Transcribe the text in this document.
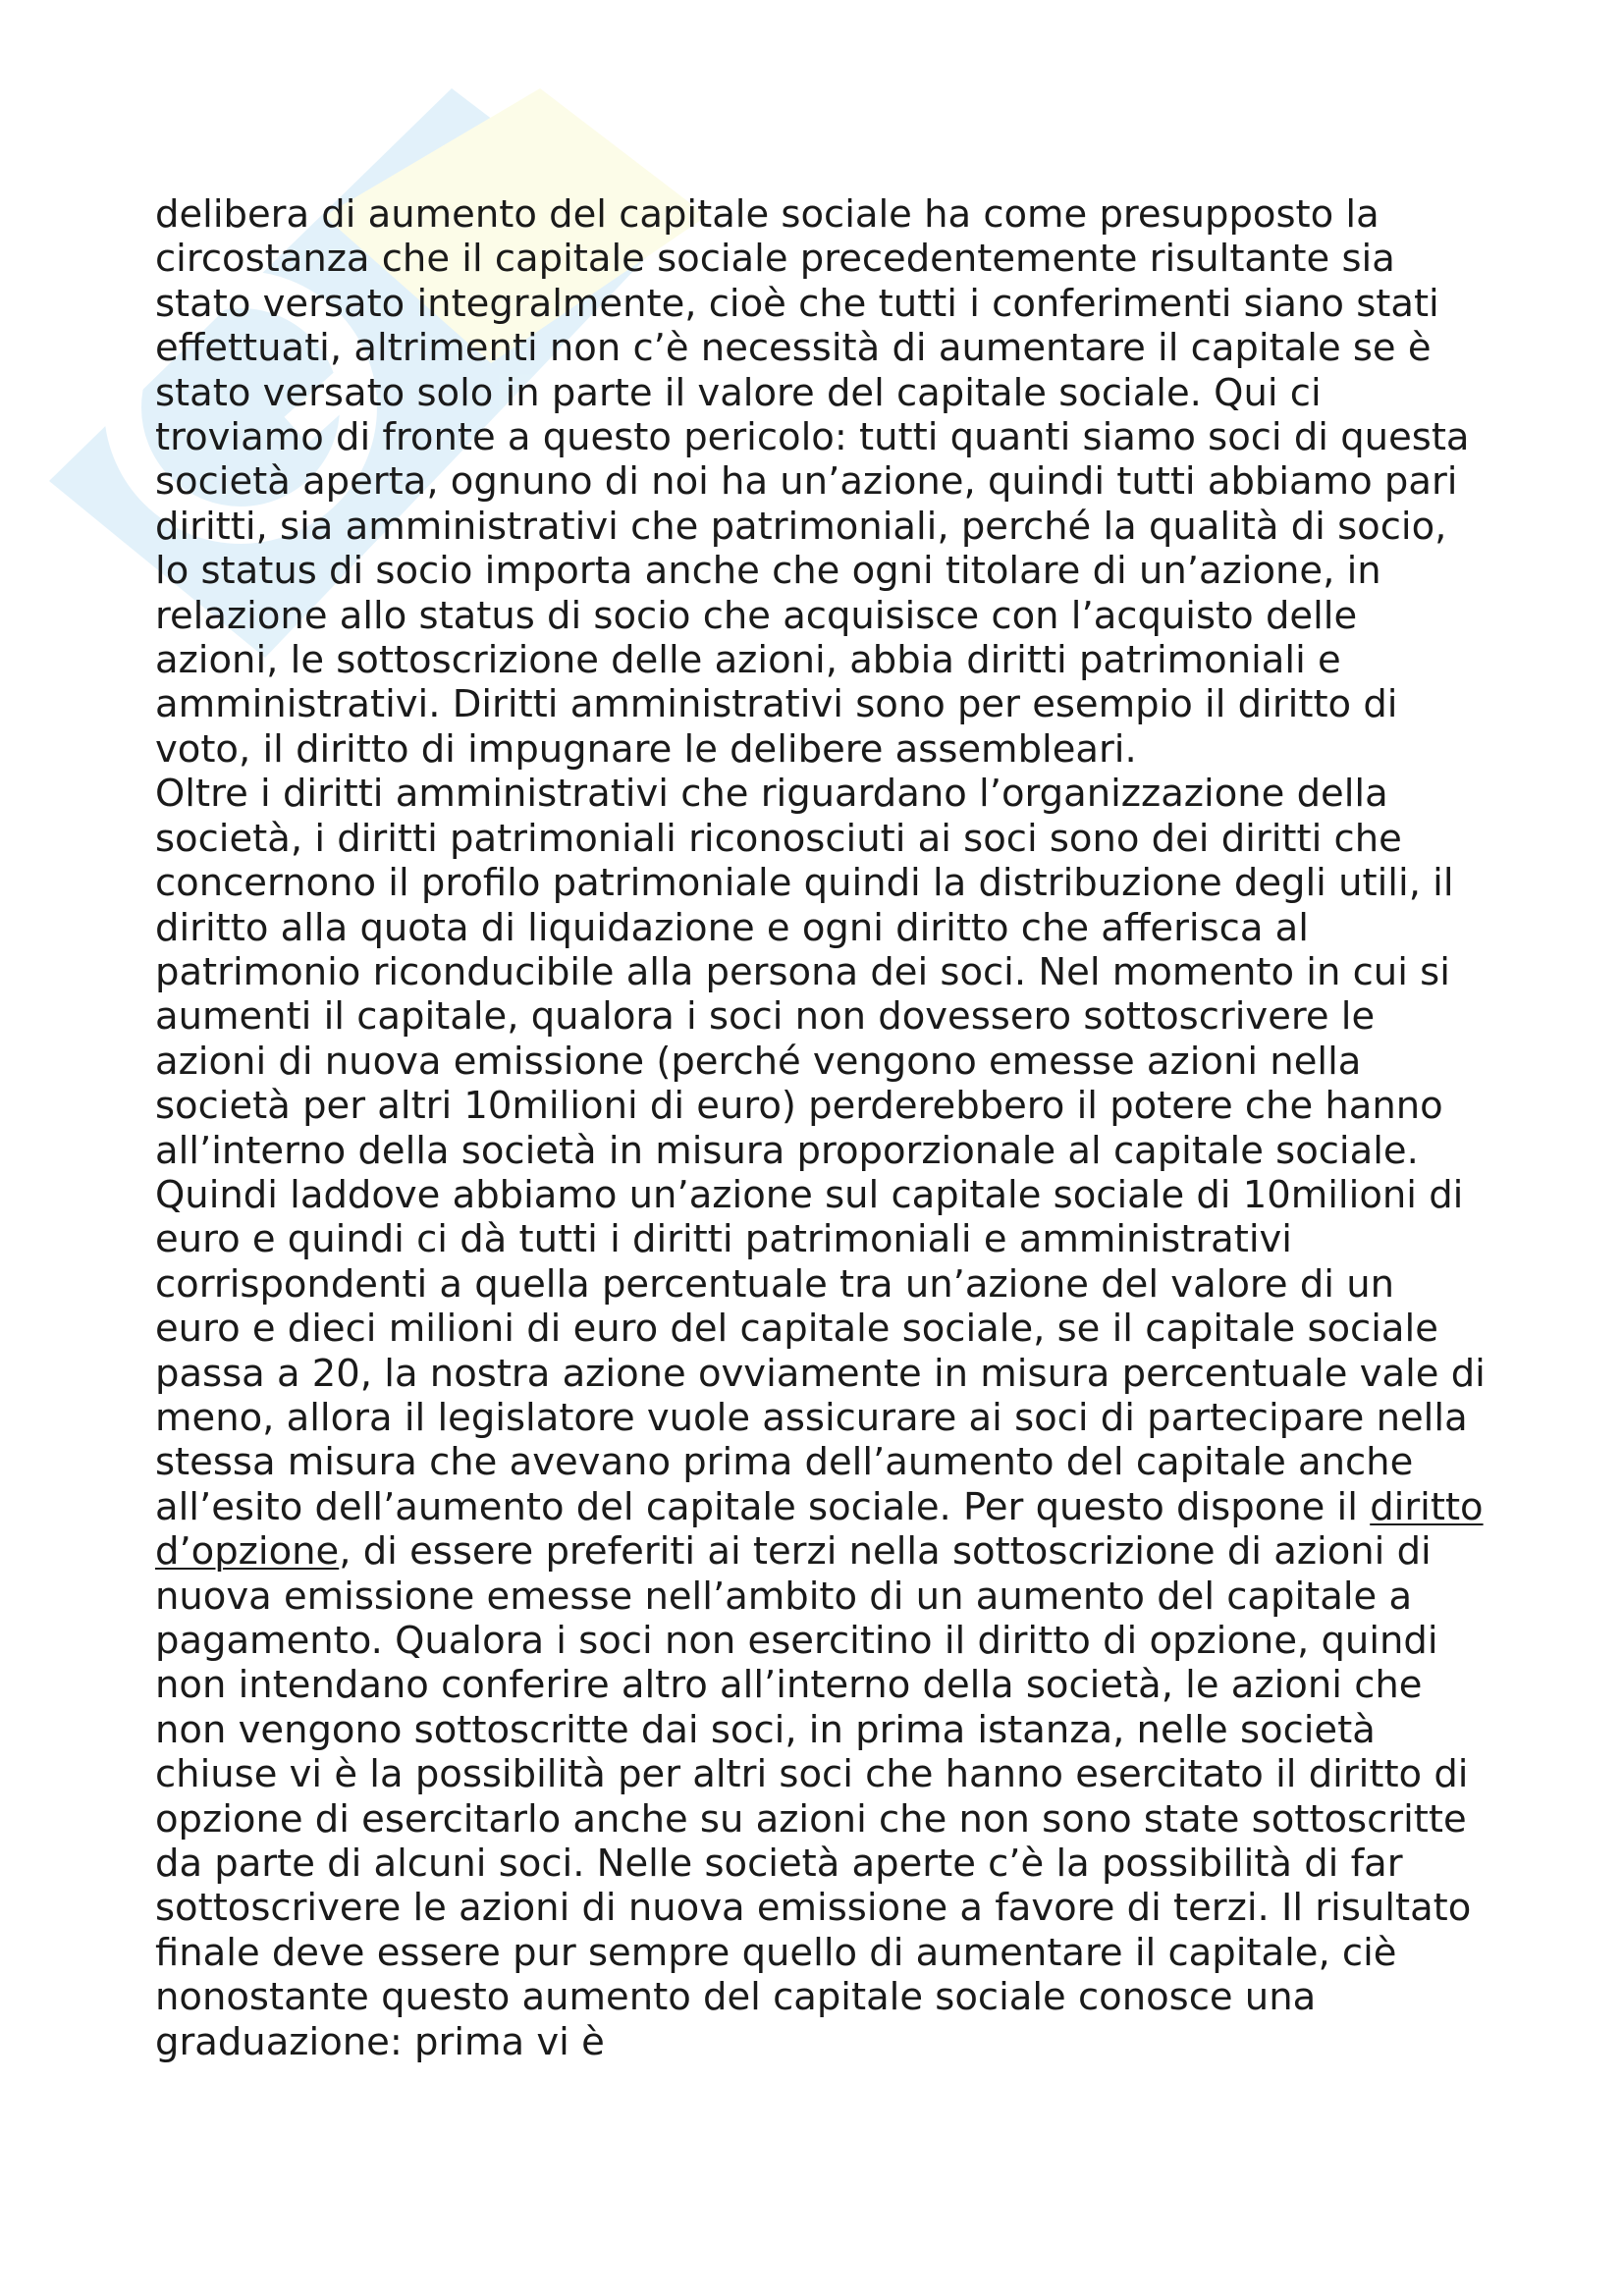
delibera di aumento del capitale sociale ha come presupposto la circostanza che il capitale sociale precedentemente risultante sia stato versato integralmente, cioè che tutti i conferimenti siano stati effettuati, altrimenti non c’è necessità di aumentare il capitale se è stato versato solo in parte il valore del capitale sociale. Qui ci troviamo di fronte a questo pericolo: tutti quanti siamo soci di questa società aperta, ognuno di noi ha un’azione, quindi tutti abbiamo pari diritti, sia amministrativi che patrimoniali, perché la qualità di socio, lo status di socio importa anche che ogni titolare di un’azione, in relazione allo status di socio che acquisisce con l’acquisto delle azioni, le sottoscrizione delle azioni, abbia diritti patrimoniali e amministrativi. Diritti amministrativi sono per esempio il diritto di voto, il diritto di impugnare le delibere assembleari.

Oltre i diritti amministrativi che riguardano l’organizzazione della società, i diritti patrimoniali riconosciuti ai soci sono dei diritti che concernono il profilo patrimoniale quindi la distribuzione degli utili, il diritto alla quota di liquidazione e ogni diritto che afferisca al patrimonio riconducibile alla persona dei soci. Nel momento in cui si aumenti il capitale, qualora i soci non dovessero sottoscrivere le azioni di nuova emissione (perché vengono emesse azioni nella società per altri 10milioni di euro) perderebbero il potere che hanno all’interno della società in misura proporzionale al capitale sociale. Quindi laddove abbiamo un’azione sul capitale sociale di 10milioni di euro e quindi ci dà tutti i diritti patrimoniali e amministrativi corrispondenti a quella percentuale tra un’azione del valore di un euro e dieci milioni di euro del capitale sociale, se il capitale sociale passa a 20, la nostra azione ovviamente in misura percentuale vale di meno, allora il legislatore vuole assicurare ai soci di partecipare nella stessa misura che avevano prima dell’aumento del capitale anche all’esito dell’aumento del capitale sociale. Per questo dispone il diritto d’opzione, di essere preferiti ai terzi nella sottoscrizione di azioni di nuova emissione emesse nell’ambito di un aumento del capitale a pagamento. Qualora i soci non esercitino il diritto di opzione, quindi non intendano conferire altro all’interno della società, le azioni che non vengono sottoscritte dai soci, in prima istanza, nelle società chiuse vi è la possibilità per altri soci che hanno esercitato il diritto di opzione di esercitarlo anche su azioni che non sono state sottoscritte da parte di alcuni soci. Nelle società aperte c’è la possibilità di far sottoscrivere le azioni di nuova emissione a favore di terzi. Il risultato finale deve essere pur sempre quello di aumentare il capitale, ciè nonostante questo aumento del capitale sociale conosce una graduazione: prima vi è
